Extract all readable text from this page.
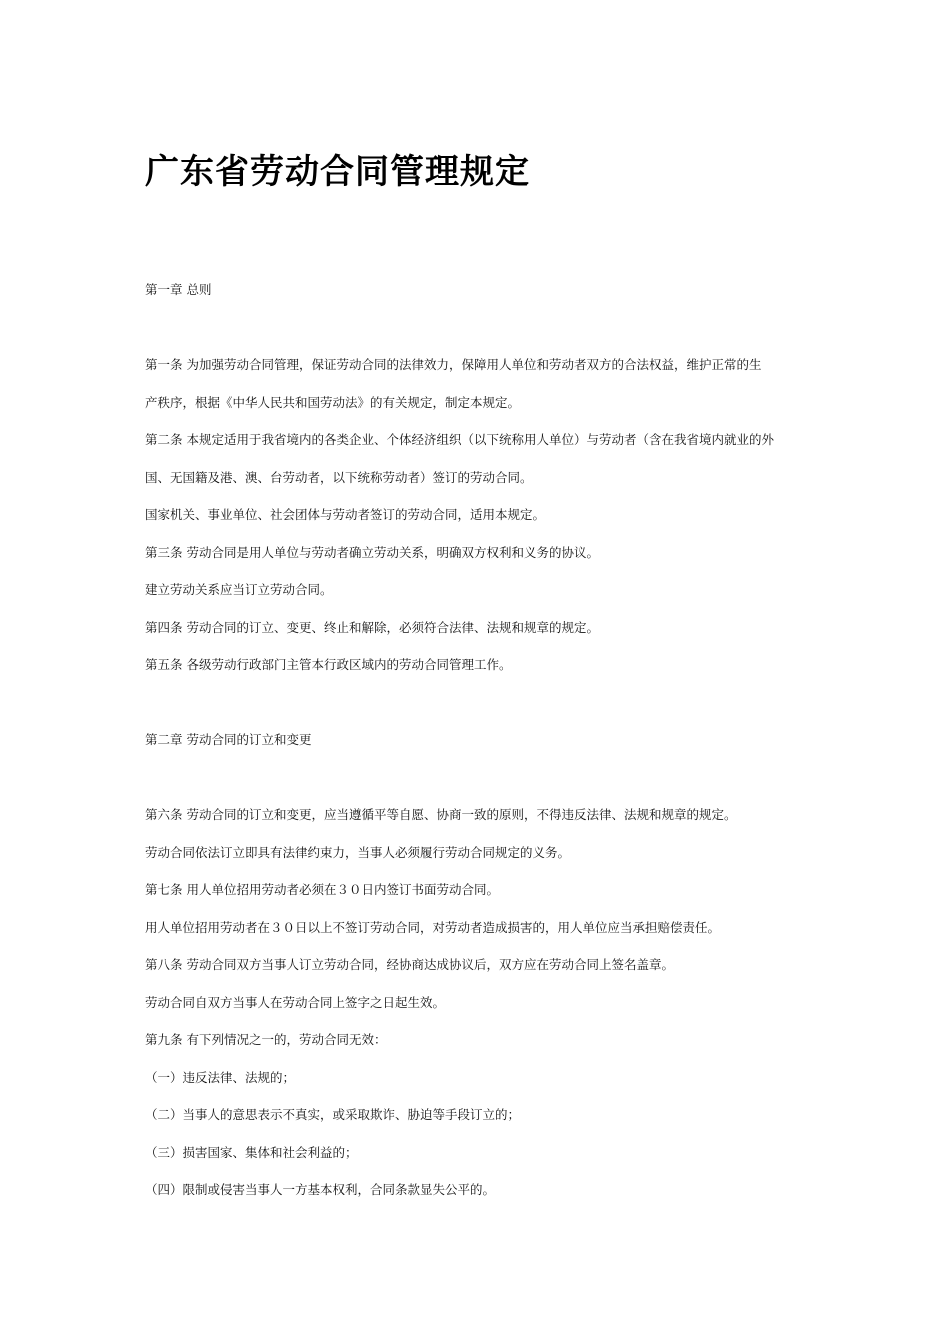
广东省劳动合同管理规定
第一章 总则
第一条 为加强劳动合同管理，保证劳动合同的法律效力，保障用人单位和劳动者双方的合法权益，维护正常的生
产秩序，根据《中华人民共和国劳动法》的有关规定，制定本规定。
第二条 本规定适用于我省境内的各类企业、个体经济组织（以下统称用人单位）与劳动者（含在我省境内就业的外
国、无国籍及港、澳、台劳动者，以下统称劳动者）签订的劳动合同。
国家机关、事业单位、社会团体与劳动者签订的劳动合同，适用本规定。
第三条 劳动合同是用人单位与劳动者确立劳动关系，明确双方权利和义务的协议。
建立劳动关系应当订立劳动合同。
第四条 劳动合同的订立、变更、终止和解除，必须符合法律、法规和规章的规定。
第五条 各级劳动行政部门主管本行政区域内的劳动合同管理工作。
第二章 劳动合同的订立和变更
第六条 劳动合同的订立和变更，应当遵循平等自愿、协商一致的原则，不得违反法律、法规和规章的规定。
劳动合同依法订立即具有法律约束力，当事人必须履行劳动合同规定的义务。
第七条 用人单位招用劳动者必须在３０日内签订书面劳动合同。
用人单位招用劳动者在３０日以上不签订劳动合同，对劳动者造成损害的，用人单位应当承担赔偿责任。
第八条 劳动合同双方当事人订立劳动合同，经协商达成协议后，双方应在劳动合同上签名盖章。
劳动合同自双方当事人在劳动合同上签字之日起生效。
第九条 有下列情况之一的，劳动合同无效：
（一）违反法律、法规的；
（二）当事人的意思表示不真实，或采取欺诈、胁迫等手段订立的；
（三）损害国家、集体和社会利益的；
（四）限制或侵害当事人一方基本权利，合同条款显失公平的。
